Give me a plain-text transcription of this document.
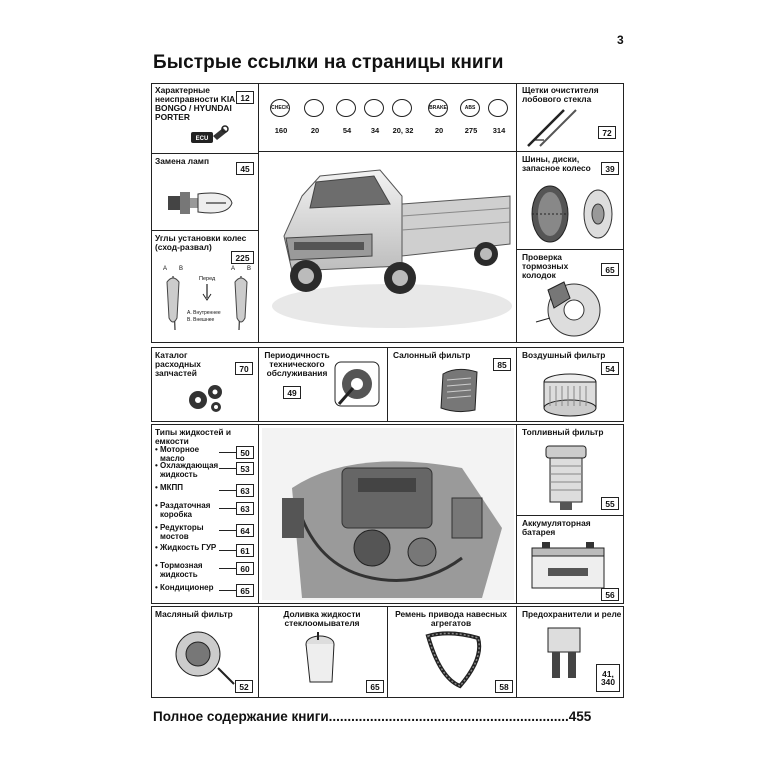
3
Быстрые ссылки на страницы книги
Характерные неисправности KIA BONGO / HYUNDAI PORTER
12
ECU
CHECK
160	20	54	34	20, 32
BRAKE
20
ABS
275	314
Замена ламп
45
Углы установки колес (сход-развал)
225
A B	A B
Перед
A. Внутреннее
B. Внешнее
Щетки очистителя лобового стекла
72
Шины, диски, запасное колесо	39
Проверка тормозных колодок
65
Каталог расходных запчастей	70
Периодичность технического обслуживания
49
Салонный фильтр
85
Воздушный фильтр
54
Типы жидкостей и емкости
• Моторное масло
50
• Охлаждающая жидкость
53
• МКПП	63
• Раздаточная коробка
63
• Редукторы мостов
64
• Жидкость ГУР	61
• Тормозная жидкость
60
• Кондиционер	65
Топливный фильтр
55
Аккумуляторная батарея
56
Масляный фильтр
52
Доливка жидкости стеклоомывателя
65
Ремень привода навесных агрегатов
58
Предохранители и реле
41, 340
Полное содержание книги................................................................455
